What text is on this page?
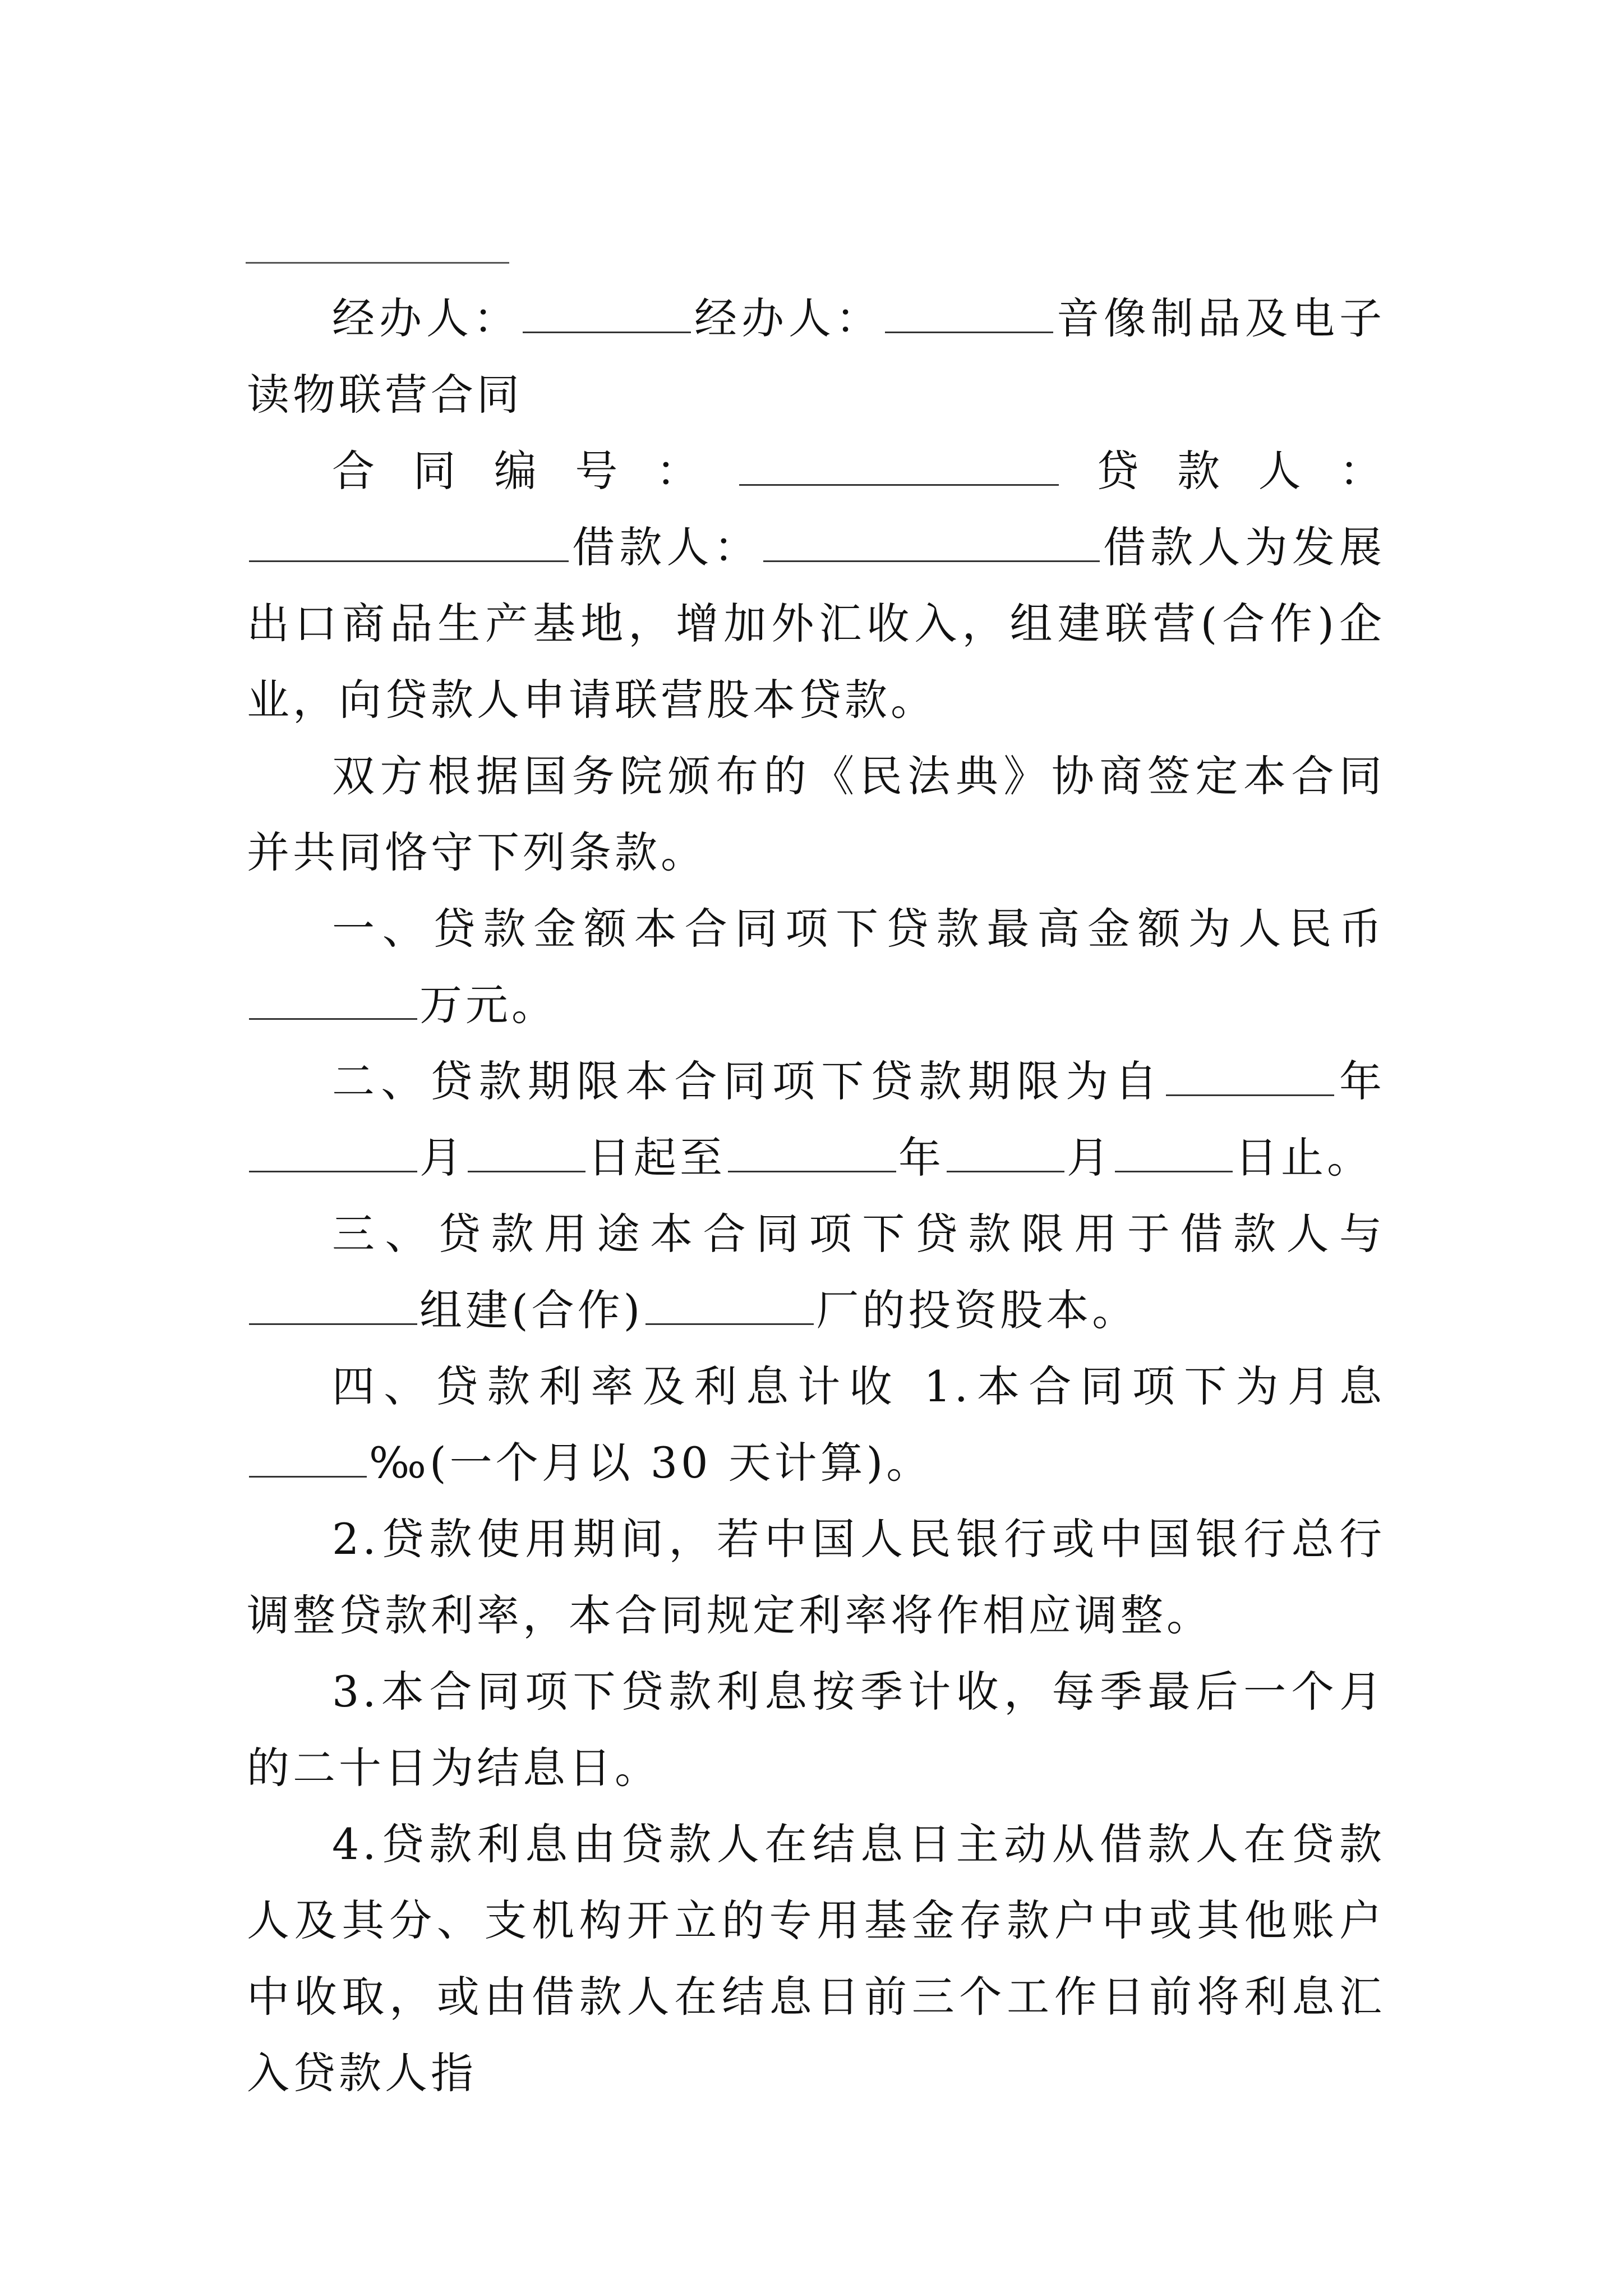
经办人：	经办人：	音像制品及电子读物联营合同

合同编号：	贷款人：借款人：	借款人为发展出口商品生产基地，增加外汇收入，组建联营(合作)企业，向贷款人申请联营股本贷款。

双方根据国务院颁布的《民法典》协商签定本合同并共同恪守下列条款。

一、贷款金额本合同项下贷款最高金额为人民币万元。

二、贷款期限本合同项下贷款期限为自	年月	日起至	年	月	日止。

三、贷款用途本合同项下贷款限用于借款人与组建(合作)	厂的投资股本。

四、贷款利率及利息计收 1.本合同项下为月息‰(一个月以 30 天计算)。

2.贷款使用期间，若中国人民银行或中国银行总行调整贷款利率，本合同规定利率将作相应调整。

3.本合同项下贷款利息按季计收，每季最后一个月的二十日为结息日。

4.贷款利息由贷款人在结息日主动从借款人在贷款人及其分、支机构开立的专用基金存款户中或其他账户中收取，或由借款人在结息日前三个工作日前将利息汇入贷款人指
